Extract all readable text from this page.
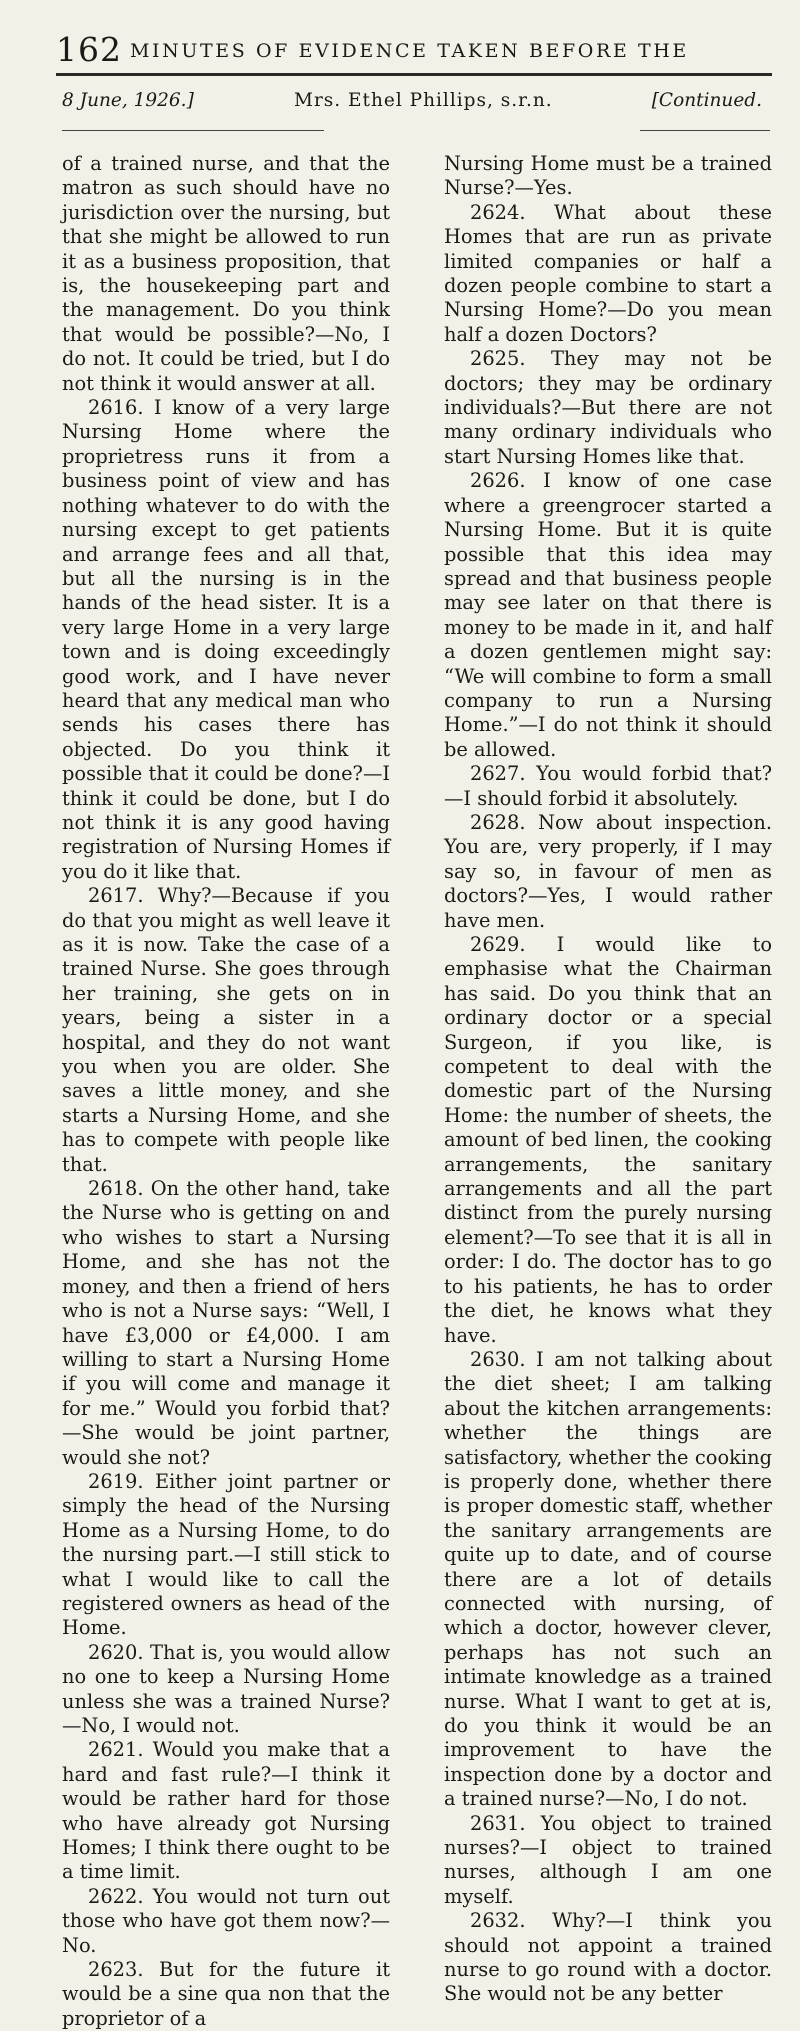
162 MINUTES OF EVIDENCE TAKEN BEFORE THE
8 June, 1926.]	Mrs. Ethel Phillips, s.r.n.	[Continued.

of a trained nurse, and that the matron as such should have no jurisdiction over the nursing, but that she might be allowed to run it as a business proposition, that is, the housekeeping part and the management. Do you think that would be possible?—No, I do not. It could be tried, but I do not think it would answer at all.

2616. I know of a very large Nursing Home where the proprietress runs it from a business point of view and has nothing whatever to do with the nursing except to get patients and arrange fees and all that, but all the nursing is in the hands of the head sister. It is a very large Home in a very large town and is doing exceedingly good work, and I have never heard that any medical man who sends his cases there has objected. Do you think it possible that it could be done?—I think it could be done, but I do not think it is any good having registration of Nursing Homes if you do it like that.

2617. Why?—Because if you do that you might as well leave it as it is now. Take the case of a trained Nurse. She goes through her training, she gets on in years, being a sister in a hospital, and they do not want you when you are older. She saves a little money, and she starts a Nursing Home, and she has to compete with people like that.

2618. On the other hand, take the Nurse who is getting on and who wishes to start a Nursing Home, and she has not the money, and then a friend of hers who is not a Nurse says: “Well, I have £3,000 or £4,000. I am willing to start a Nursing Home if you will come and manage it for me.” Would you forbid that?—She would be joint partner, would she not?

2619. Either joint partner or simply the head of the Nursing Home as a Nursing Home, to do the nursing part.—I still stick to what I would like to call the registered owners as head of the Home.

2620. That is, you would allow no one to keep a Nursing Home unless she was a trained Nurse?—No, I would not.

2621. Would you make that a hard and fast rule?—I think it would be rather hard for those who have already got Nursing Homes; I think there ought to be a time limit.

2622. You would not turn out those who have got them now?—No.

2623. But for the future it would be a sine qua non that the proprietor of a

Nursing Home must be a trained Nurse?—Yes.

2624. What about these Homes that are run as private limited companies or half a dozen people combine to start a Nursing Home?—Do you mean half a dozen Doctors?

2625. They may not be doctors; they may be ordinary individuals?—But there are not many ordinary individuals who start Nursing Homes like that.

2626. I know of one case where a greengrocer started a Nursing Home. But it is quite possible that this idea may spread and that business people may see later on that there is money to be made in it, and half a dozen gentlemen might say: “We will combine to form a small company to run a Nursing Home.”—I do not think it should be allowed.

2627. You would forbid that?—I should forbid it absolutely.

2628. Now about inspection. You are, very properly, if I may say so, in favour of men as doctors?—Yes, I would rather have men.

2629. I would like to emphasise what the Chairman has said. Do you think that an ordinary doctor or a special Surgeon, if you like, is competent to deal with the domestic part of the Nursing Home: the number of sheets, the amount of bed linen, the cooking arrangements, the sanitary arrangements and all the part distinct from the purely nursing element?—To see that it is all in order: I do. The doctor has to go to his patients, he has to order the diet, he knows what they have.

2630. I am not talking about the diet sheet; I am talking about the kitchen arrangements: whether the things are satisfactory, whether the cooking is properly done, whether there is proper domestic staff, whether the sanitary arrangements are quite up to date, and of course there are a lot of details connected with nursing, of which a doctor, however clever, perhaps has not such an intimate knowledge as a trained nurse. What I want to get at is, do you think it would be an improvement to have the inspection done by a doctor and a trained nurse?—No, I do not.

2631. You object to trained nurses?—I object to trained nurses, although I am one myself.

2632. Why?—I think you should not appoint a trained nurse to go round with a doctor. She would not be any better
